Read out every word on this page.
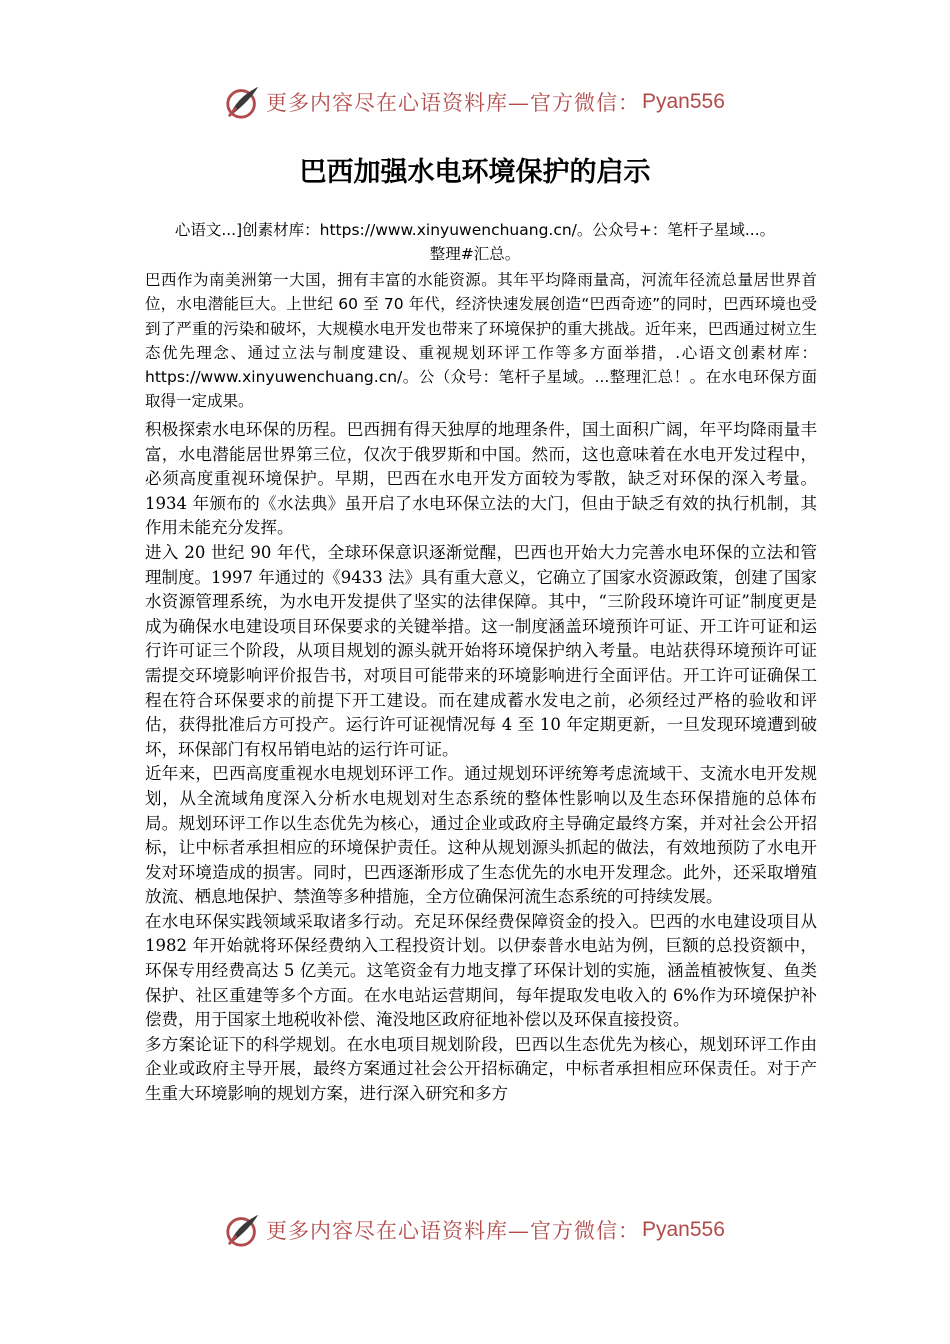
更多内容尽在心语资料库—官方微信： Pyan556
巴西加强水电环境保护的启示
心语文...]创素材库：https://www.xinyuwenchuang.cn/。公众号+：笔杆子星域...。
整理#汇总。
巴西作为南美洲第一大国，拥有丰富的水能资源。其年平均降雨量高，河流年径流总量居世界首位，水电潜能巨大。上世纪 60 至 70 年代，经济快速发展创造“巴西奇迹”的同时，巴西环境也受到了严重的污染和破坏，大规模水电开发也带来了环境保护的重大挑战。近年来，巴西通过树立生态优先理念、通过立法与制度建设、重视规划环评工作等多方面举措，.心语文创素材库：https://www.xinyuwenchuang.cn/。公（众号：笔杆子星域。...整理汇总！。在水电环保方面取得一定成果。

积极探索水电环保的历程。巴西拥有得天独厚的地理条件，国土面积广阔，年平均降雨量丰富，水电潜能居世界第三位，仅次于俄罗斯和中国。然而，这也意味着在水电开发过程中，必须高度重视环境保护。早期，巴西在水电开发方面较为零散，缺乏对环保的深入考量。1934 年颁布的《水法典》虽开启了水电环保立法的大门，但由于缺乏有效的执行机制，其作用未能充分发挥。

进入 20 世纪 90 年代，全球环保意识逐渐觉醒，巴西也开始大力完善水电环保的立法和管理制度。1997 年通过的《9433 法》具有重大意义，它确立了国家水资源政策，创建了国家水资源管理系统，为水电开发提供了坚实的法律保障。其中，“三阶段环境许可证”制度更是成为确保水电建设项目环保要求的关键举措。这一制度涵盖环境预许可证、开工许可证和运行许可证三个阶段，从项目规划的源头就开始将环境保护纳入考量。电站获得环境预许可证需提交环境影响评价报告书，对项目可能带来的环境影响进行全面评估。开工许可证确保工程在符合环保要求的前提下开工建设。而在建成蓄水发电之前，必须经过严格的验收和评估，获得批准后方可投产。运行许可证视情况每 4 至 10 年定期更新，一旦发现环境遭到破坏，环保部门有权吊销电站的运行许可证。

近年来，巴西高度重视水电规划环评工作。通过规划环评统筹考虑流域干、支流水电开发规划，从全流域角度深入分析水电规划对生态系统的整体性影响以及生态环保措施的总体布局。规划环评工作以生态优先为核心，通过企业或政府主导确定最终方案，并对社会公开招标，让中标者承担相应的环境保护责任。这种从规划源头抓起的做法，有效地预防了水电开发对环境造成的损害。同时，巴西逐渐形成了生态优先的水电开发理念。此外，还采取增殖放流、栖息地保护、禁渔等多种措施，全方位确保河流生态系统的可持续发展。

在水电环保实践领域采取诸多行动。充足环保经费保障资金的投入。巴西的水电建设项目从 1982 年开始就将环保经费纳入工程投资计划。以伊泰普水电站为例，巨额的总投资额中，环保专用经费高达 5 亿美元。这笔资金有力地支撑了环保计划的实施，涵盖植被恢复、鱼类保护、社区重建等多个方面。在水电站运营期间，每年提取发电收入的 6%作为环境保护补偿费，用于国家土地税收补偿、淹没地区政府征地补偿以及环保直接投资。

多方案论证下的科学规划。在水电项目规划阶段，巴西以生态优先为核心，规划环评工作由企业或政府主导开展，最终方案通过社会公开招标确定，中标者承担相应环保责任。对于产生重大环境影响的规划方案，进行深入研究和多方

更多内容尽在心语资料库—官方微信： Pyan556
